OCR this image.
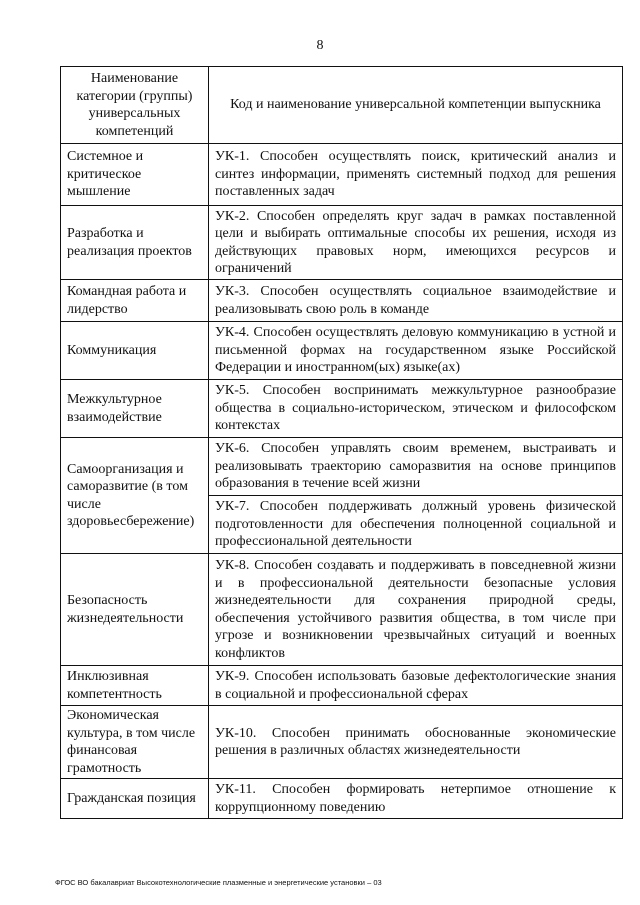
8
Наименование категории (группы) универсальных компетенций	Код и наименование универсальной компетенции выпускника
Системное и критическое мышление	УК-1. Способен осуществлять поиск, критический анализ и синтез информации, применять системный подход для решения поставленных задач
Разработка и реализация проектов	УК-2. Способен определять круг задач в рамках поставленной цели и выбирать оптимальные способы их решения, исходя из действующих правовых норм, имеющихся ресурсов и ограничений
Командная работа и лидерство	УК-3. Способен осуществлять социальное взаимодействие и реализовывать свою роль в команде
Коммуникация	УК-4. Способен осуществлять деловую коммуникацию в устной и письменной формах на государственном языке Российской Федерации и иностранном(ых) языке(ах)
Межкультурное взаимодействие	УК-5. Способен воспринимать межкультурное разнообразие общества в социально-историческом, этическом и философском контекстах
Самоорганизация и саморазвитие (в том числе здоровьесбережение)	УК-6. Способен управлять своим временем, выстраивать и реализовывать траекторию саморазвития на основе принципов образования в течение всей жизни
	УК-7. Способен поддерживать должный уровень физической подготовленности для обеспечения полноценной социальной и профессиональной деятельности
Безопасность жизнедеятельности	УК-8. Способен создавать и поддерживать в повседневной жизни и в профессиональной деятельности безопасные условия жизнедеятельности для сохранения природной среды, обеспечения устойчивого развития общества, в том числе при угрозе и возникновении чрезвычайных ситуаций и военных конфликтов
Инклюзивная компетентность	УК-9. Способен использовать базовые дефектологические знания в социальной и профессиональной сферах
Экономическая культура, в том числе финансовая грамотность	УК-10. Способен принимать обоснованные экономические решения в различных областях жизнедеятельности
Гражданская позиция	УК-11. Способен формировать нетерпимое отношение к коррупционному поведению
ФГОС ВО бакалавриат Высокотехнологические плазменные и энергетические установки – 03
